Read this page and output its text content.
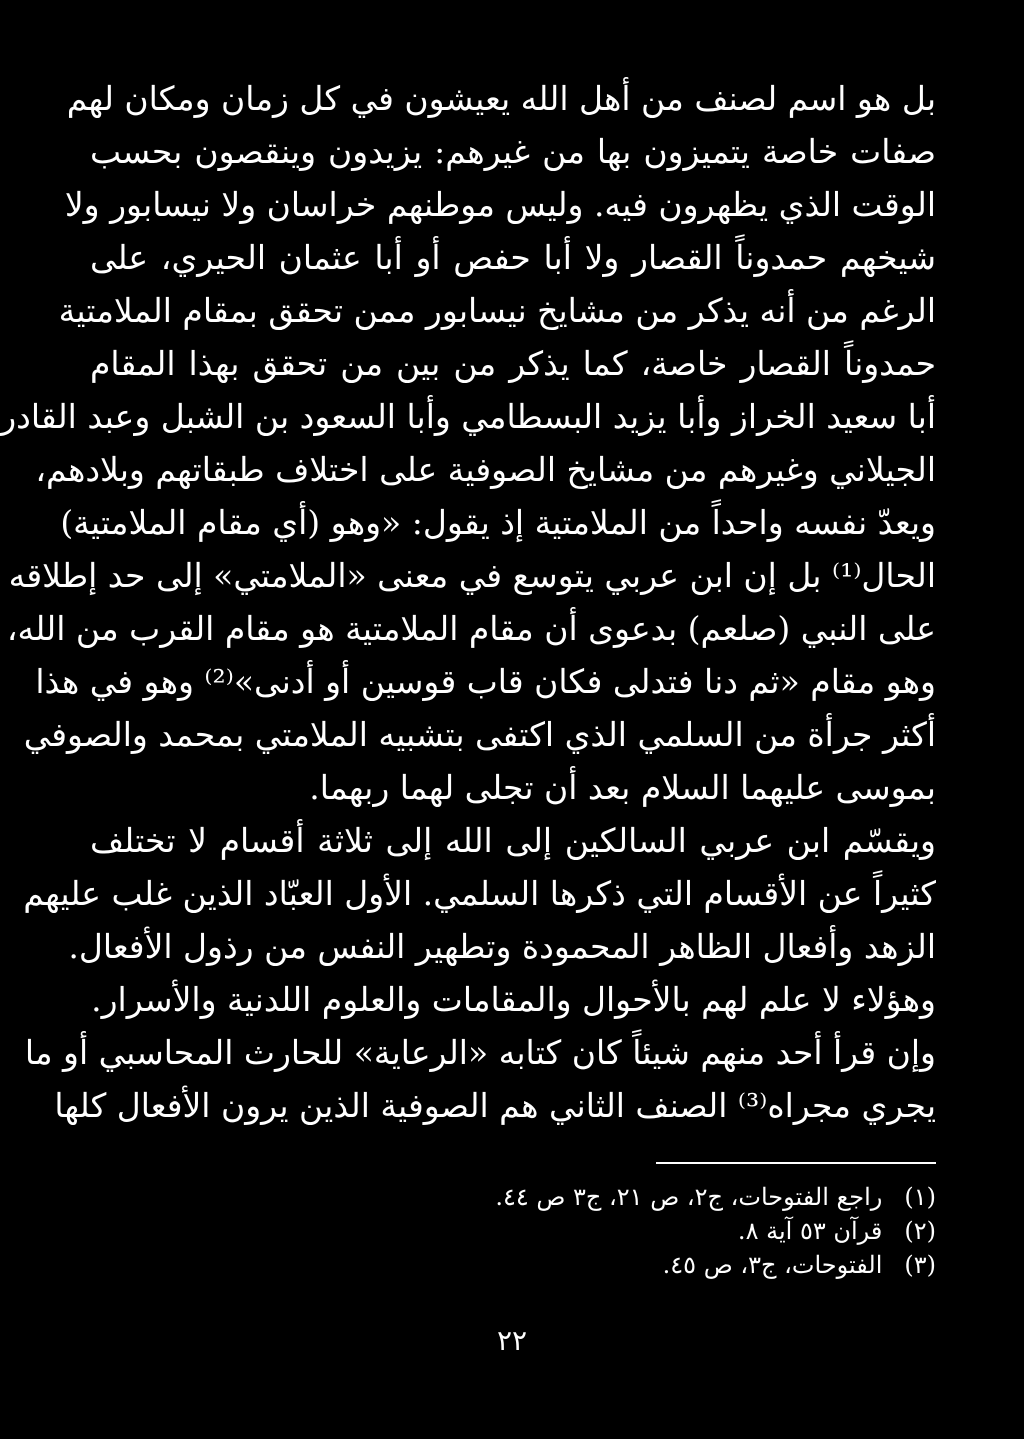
بل هو اسم لصنف من أهل الله يعيشون في كل زمان ومكان لهم
صفات خاصة يتميزون بها من غيرهم: يزيدون وينقصون بحسب
الوقت الذي يظهرون فيه. وليس موطنهم خراسان ولا نيسابور ولا
شيخهم حمدوناً القصار ولا أبا حفص أو أبا عثمان الحيري، على
الرغم من أنه يذكر من مشايخ نيسابور ممن تحقق بمقام الملامتية
حمدوناً القصار خاصة، كما يذكر من بين من تحقق بهذا المقام
أبا سعيد الخراز وأبا يزيد البسطامي وأبا السعود بن الشبل وعبد القادر
الجيلاني وغيرهم من مشايخ الصوفية على اختلاف طبقاتهم وبلادهم،
ويعدّ نفسه واحداً من الملامتية إذ يقول: «وهو (أي مقام الملامتية)
الحال⁽¹⁾ بل إن ابن عربي يتوسع في معنى «الملامتي» إلى حد إطلاقه
على النبي (صلعم) بدعوى أن مقام الملامتية هو مقام القرب من الله،
وهو مقام «ثم دنا فتدلى فكان قاب قوسين أو أدنى»⁽²⁾ وهو في هذا
أكثر جرأة من السلمي الذي اكتفى بتشبيه الملامتي بمحمد والصوفي
بموسى عليهما السلام بعد أن تجلى لهما ربهما.
ويقسّم ابن عربي السالكين إلى الله إلى ثلاثة أقسام لا تختلف
كثيراً عن الأقسام التي ذكرها السلمي. الأول العبّاد الذين غلب عليهم
الزهد وأفعال الظاهر المحمودة وتطهير النفس من رذول الأفعال.
وهؤلاء لا علم لهم بالأحوال والمقامات والعلوم اللدنية والأسرار.
وإن قرأ أحد منهم شيئاً كان كتابه «الرعاية» للحارث المحاسبي أو ما
يجري مجراه⁽³⁾ الصنف الثاني هم الصوفية الذين يرون الأفعال كلها
(١) راجع الفتوحات، ج٢، ص ٢١، ج٣ ص ٤٤.
(٢) قرآن ٥٣ آية ٨.
(٣) الفتوحات، ج٣، ص ٤٥.
٢٢
